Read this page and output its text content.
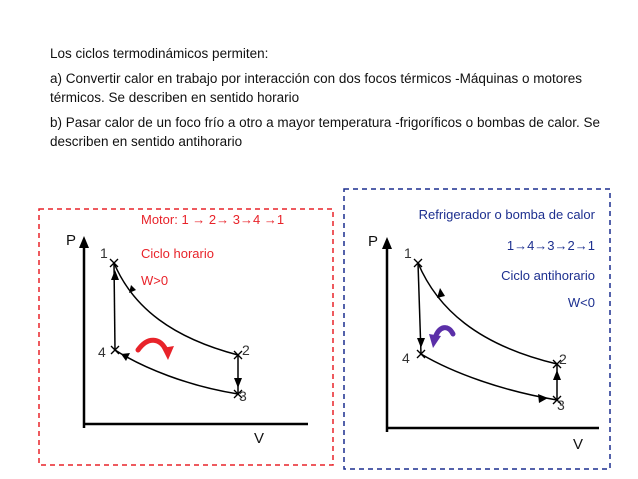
Los ciclos termodinámicos permiten:

a) Convertir calor en trabajo por interacción con dos focos térmicos -Máquinas o motores térmicos. Se describen en sentido horario

b) Pasar calor de un foco frío a otro a mayor temperatura -frigoríficos o bombas de calor. Se describen en sentido antihorario

Motor: 1 → 2→ 3→4 →1
Ciclo horario
W>0
P
V
1
2
3
4
Refrigerador o bomba de calor
1→4→3→2→1
Ciclo antihorario
W<0
P
V
1
2
3
4
